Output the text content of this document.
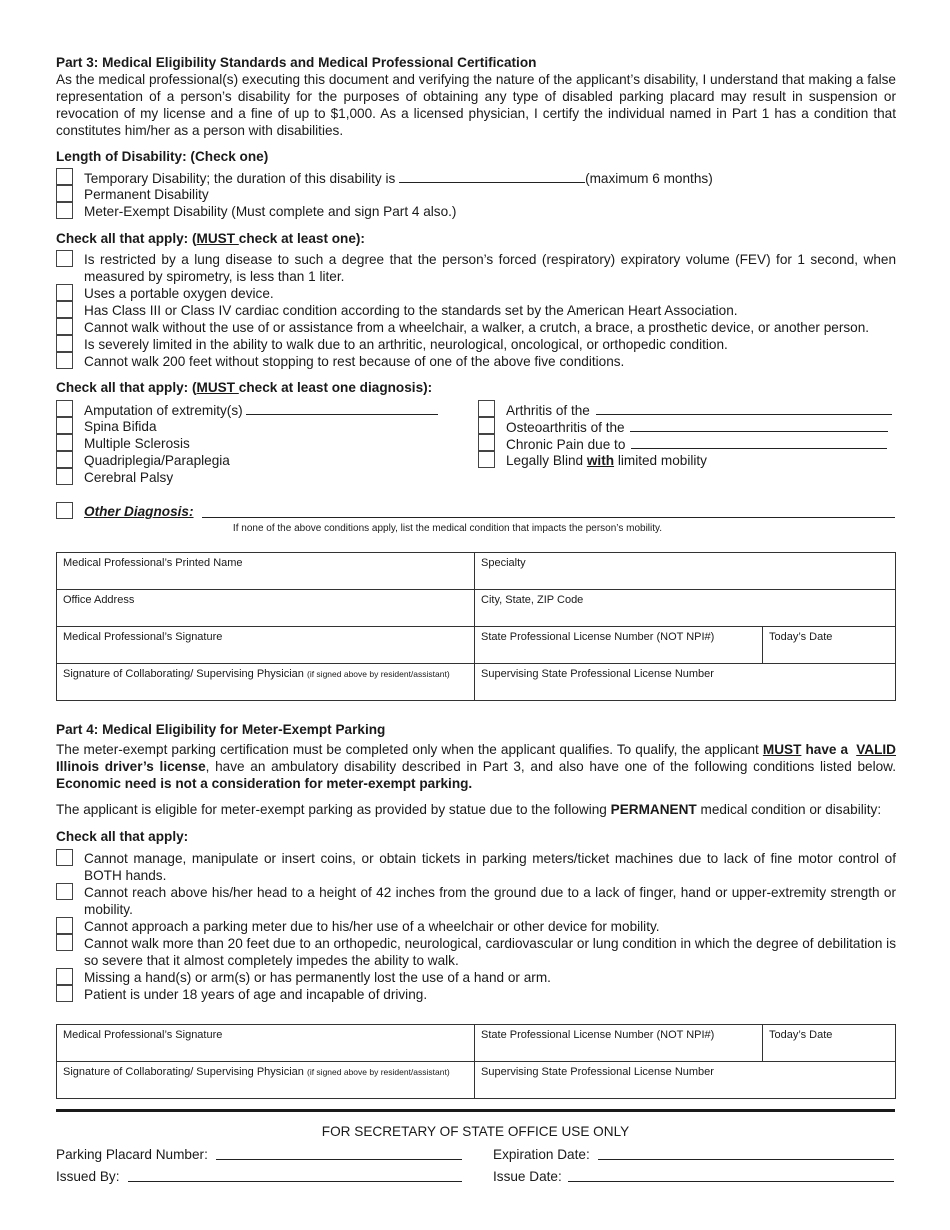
Part 3: Medical Eligibility Standards and Medical Professional Certification
As the medical professional(s) executing this document and verifying the nature of the applicant’s disability, I understand that making a false representation of a person’s disability for the purposes of obtaining any type of disabled parking placard may result in suspension or revocation of my license and a fine of up to $1,000. As a licensed physician, I certify the individual named in Part 1 has a condition that constitutes him/her as a person with disabilities.
Length of Disability: (Check one)
Temporary Disability; the duration of this disability is	(maximum 6 months)
Permanent Disability
Meter-Exempt Disability (Must complete and sign Part 4 also.)
Check all that apply: (MUST check at least one):
Is restricted by a lung disease to such a degree that the person’s forced (respiratory) expiratory volume (FEV) for 1 second, when measured by spirometry, is less than 1 liter.
Uses a portable oxygen device.
Has Class III or Class IV cardiac condition according to the standards set by the American Heart Association.
Cannot walk without the use of or assistance from a wheelchair, a walker, a crutch, a brace, a prosthetic device, or another person.
Is severely limited in the ability to walk due to an arthritic, neurological, oncological, or orthopedic condition.
Cannot walk 200 feet without stopping to rest because of one of the above five conditions.
Check all that apply: (MUST check at least one diagnosis):
Amputation of extremity(s)
Spina Bifida
Multiple Sclerosis
Quadriplegia/Paraplegia
Cerebral Palsy
Arthritis of the
Osteoarthritis of the
Chronic Pain due to
Legally Blind with limited mobility
Other Diagnosis:
If none of the above conditions apply, list the medical condition that impacts the person’s mobility.
Medical Professional’s Printed Name	Specialty	
Office Address	City, State, ZIP Code	
Medical Professional’s Signature	State Professional License Number (NOT NPI#)	Today’s Date
Signature of Collaborating/ Supervising Physician (if signed above by resident/assistant)	Supervising State Professional License Number	
Part 4: Medical Eligibility for Meter-Exempt Parking
The meter-exempt parking certification must be completed only when the applicant qualifies. To qualify, the applicant MUST have a  VALID Illinois driver’s license, have an ambulatory disability described in Part 3, and also have one of the following conditions listed below. Economic need is not a consideration for meter-exempt parking.
The applicant is eligible for meter-exempt parking as provided by statue due to the following PERMANENT medical condition or disability:
Check all that apply:
Cannot manage, manipulate or insert coins, or obtain tickets in parking meters/ticket machines due to lack of fine motor control of BOTH hands.
Cannot reach above his/her head to a height of 42 inches from the ground due to a lack of finger, hand or upper-extremity strength or mobility.
Cannot approach a parking meter due to his/her use of a wheelchair or other device for mobility.
Cannot walk more than 20 feet due to an orthopedic, neurological, cardiovascular or lung condition in which the degree of debilitation is so severe that it almost completely impedes the ability to walk.
Missing a hand(s) or arm(s) or has permanently lost the use of a hand or arm.
Patient is under 18 years of age and incapable of driving.
Medical Professional’s Signature	State Professional License Number (NOT NPI#)	Today’s Date
Signature of Collaborating/ Supervising Physician (if signed above by resident/assistant)	Supervising State Professional License Number	
FOR SECRETARY OF STATE OFFICE USE ONLY
Parking Placard Number:	Expiration Date:
Issued By:	Issue Date:
